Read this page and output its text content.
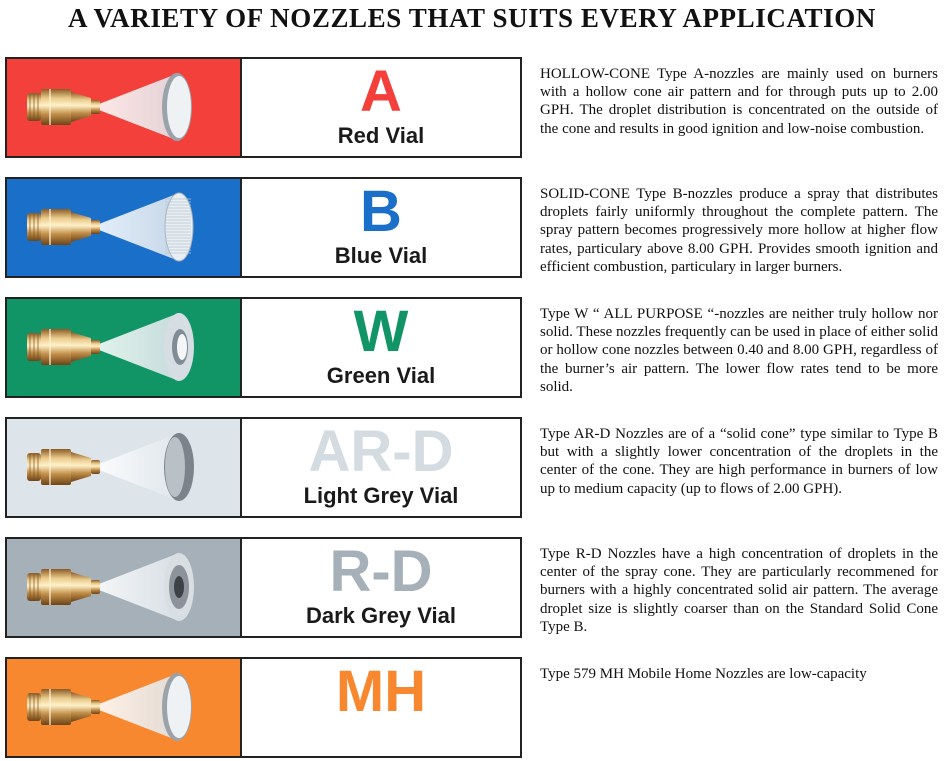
A VARIETY OF NOZZLES THAT SUITS EVERY APPLICATION
A
Red Vial
HOLLOW-CONE Type A-nozzles are mainly used on burners with a hollow cone air pattern and for through puts up to 2.00 GPH. The droplet distribution is concentrated on the outside of the cone and results in good ignition and low-noise combustion.
B
Blue Vial
SOLID-CONE Type B-nozzles produce a spray that distributes droplets fairly uniformly throughout the complete pattern. The spray pattern becomes progressively more hollow at higher flow rates, particulary above 8.00 GPH. Provides smooth ignition and efficient combustion, particulary in larger burners.
W
Green Vial
Type W “ ALL PURPOSE “-nozzles are neither truly hollow nor solid. These nozzles frequently can be used in place of either solid or hollow cone nozzles between 0.40 and 8.00 GPH, regardless of the burner’s air pattern. The lower flow rates tend to be more solid.
AR-D
Light Grey Vial
Type AR-D Nozzles are of a “solid cone” type similar to Type B but with a slightly lower concentration of the droplets in the center of the cone. They are high performance in burners of low up to medium capacity (up to flows of 2.00 GPH).
R-D
Dark Grey Vial
Type R-D Nozzles have a high concentration of droplets in the center of the spray cone. They are particularly recommened for burners with a highly concentrated solid air pattern. The average droplet size is slightly coarser than on the Standard Solid Cone Type B.
MH	Type 579 MH Mobile Home Nozzles are low-capacity
